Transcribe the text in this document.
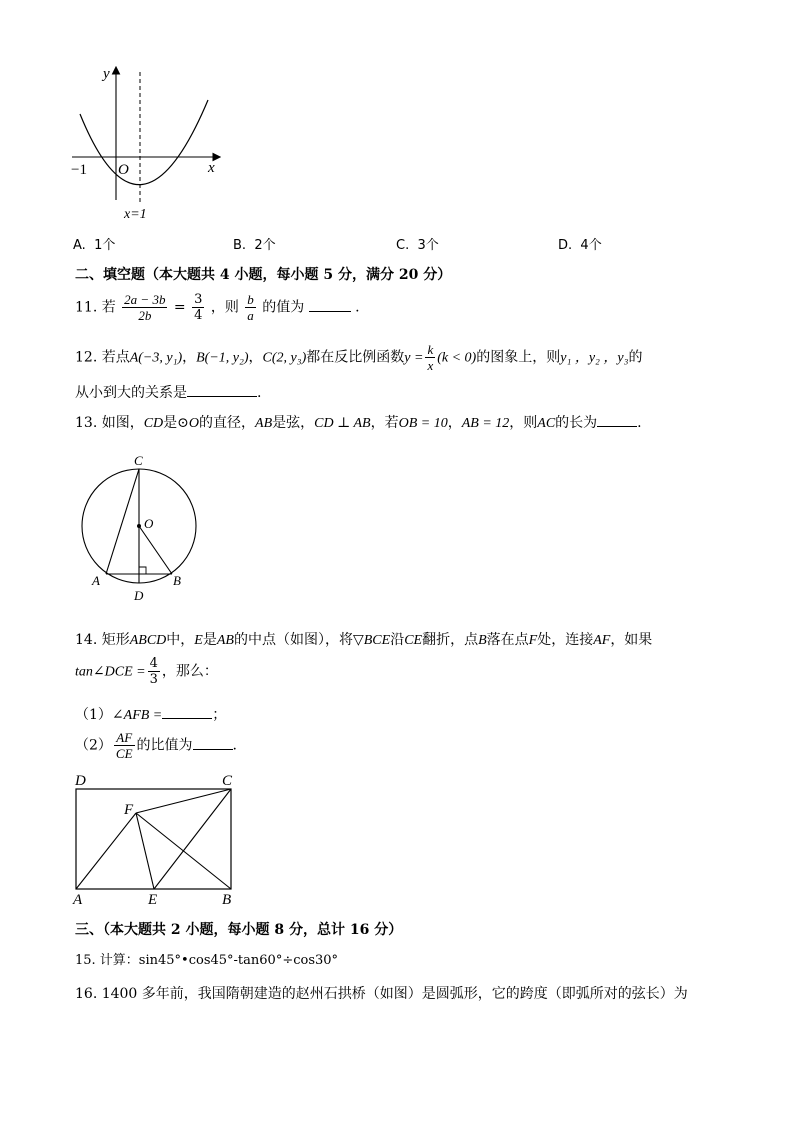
y
x
O
−1
x=1
A. 1个	B. 2个	C. 3个	D. 4个
二、填空题（本大题共 4 小题，每小题 5 分，满分 20 分）
11. 若 $\frac{2a - 3b}{2b} = \frac{3}{4}$ ，则 $\frac{b}{a}$ 的值为	.
12. 若点A(−3, y₁)，B(−1, y₂)，C(2, y₃)都在反比例函数$y = \frac{k}{x} (k < 0)$的图象上，则y₁ ，y₂ ，y₃的
从小到大的关系是	.
13. 如图，CD是⊙O的直径，AB是弦，CD ⊥ AB，若OB = 10，AB = 12，则AC的长为	.
C
O
A	B
D
14. 矩形ABCD中，E是AB的中点（如图），将▽BCE沿CE翻折，点B落在点F处，连接AF，如果
tan∠DCE = $\frac{4}{3}$ ，那么：
（1）∠AFB =	；
$(2) \frac{AF}{CE}$ 的比值为	.
D	C
F
A	E	B
三、（本大题共 2 小题，每小题 8 分，总计 16 分）
15. 计算：sin45°•cos45°-tan60°÷cos30°
16. 1400 多年前，我国隋朝建造的赵州石拱桥（如图）是圆弧形，它的跨度（即弧所对的弦长）为
